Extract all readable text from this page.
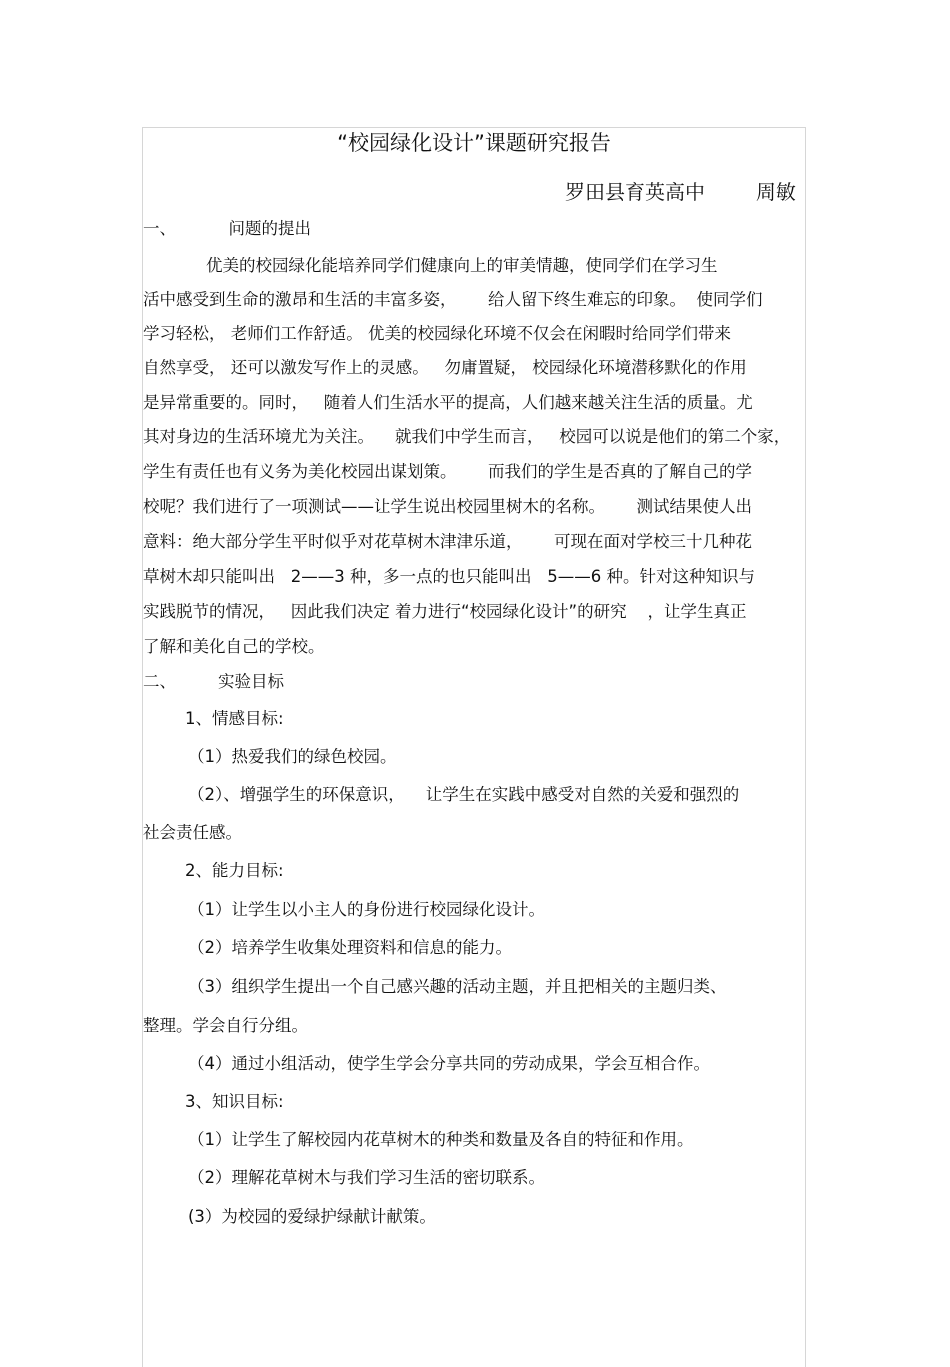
“校园绿化设计”课题研究报告
罗田县育英高中        周敏
一、          问题的提出
优美的校园绿化能培养同学们健康向上的审美情趣，使同学们在学习生
活中感受到生命的激昂和生活的丰富多姿，      给人留下终生难忘的印象。  使同学们
学习轻松， 老师们工作舒适。 优美的校园绿化环境不仅会在闲暇时给同学们带来
自然享受， 还可以激发写作上的灵感。   勿庸置疑， 校园绿化环境潜移默化的作用
是异常重要的。同时，   随着人们生活水平的提高，人们越来越关注生活的质量。尤
其对身边的生活环境尤为关注。    就我们中学生而言，   校园可以说是他们的第二个家，
学生有责任也有义务为美化校园出谋划策。      而我们的学生是否真的了解自己的学
校呢？我们进行了一项测试——让学生说出校园里树木的名称。      测试结果使人出
意料：绝大部分学生平时似乎对花草树木津津乐道，      可现在面对学校三十几种花
草树木却只能叫出   2——3 种，多一点的也只能叫出   5——6 种。针对这种知识与
实践脱节的情况，   因此我们决定 着力进行“校园绿化设计”的研究    ，让学生真正
了解和美化自己的学校。
二、        实验目标
1、情感目标:
（1）热爱我们的绿色校园。
（2）、增强学生的环保意识，    让学生在实践中感受对自然的关爱和强烈的
社会责任感。
2、能力目标:
（1）让学生以小主人的身份进行校园绿化设计。
（2）培养学生收集处理资料和信息的能力。
（3）组织学生提出一个自己感兴趣的活动主题，并且把相关的主题归类、
整理。学会自行分组。
（4）通过小组活动，使学生学会分享共同的劳动成果，学会互相合作。
3、知识目标:
（1）让学生了解校园内花草树木的种类和数量及各自的特征和作用。
（2）理解花草树木与我们学习生活的密切联系。
(3）为校园的爱绿护绿献计献策。
